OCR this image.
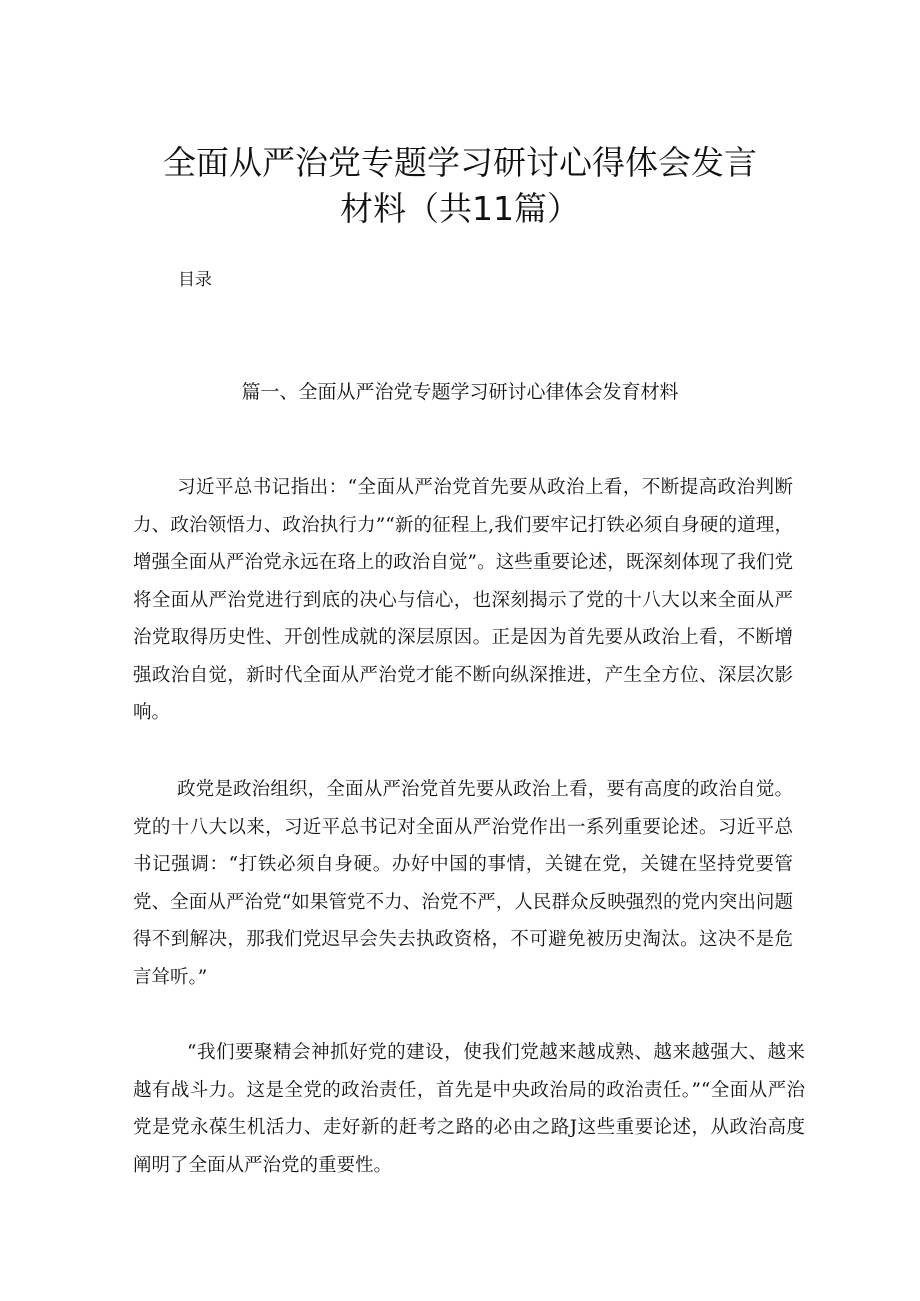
全面从严治党专题学习研讨心得体会发言
材料（共11篇）
目录
篇一、全面从严治党专题学习研讨心律体会发育材料

习近平总书记指出：“全面从严治党首先要从政治上看，不断提高政治判断力、政治领悟力、政治执行力”“新的征程上,我们要牢记打铁必须自身硬的道理，增强全面从严治党永远在珞上的政治自觉”。这些重要论述，既深刻体现了我们党将全面从严治党进行到底的决心与信心，也深刻揭示了党的十八大以来全面从严治党取得历史性、开创性成就的深层原因。正是因为首先要从政治上看，不断增强政治自觉，新时代全面从严治党才能不断向纵深推进，产生全方位、深层次影响。

政党是政治组织，全面从严治党首先要从政治上看，要有高度的政治自觉。党的十八大以来，习近平总书记对全面从严治党作出一系列重要论述。习近平总书记强调：“打铁必须自身硬。办好中国的事情，关键在党，关键在坚持党要管党、全面从严治党“如果管党不力、治党不严，人民群众反映强烈的党内突出问题得不到解决，那我们党迟早会失去执政资格，不可避免被历史淘汰。这决不是危言耸听。”

“我们要聚精会神抓好党的建设，使我们党越来越成熟、越来越强大、越来越有战斗力。这是全党的政治责任，首先是中央政治局的政治责任。”“全面从严治党是党永葆生机活力、走好新的赶考之路的必由之路J这些重要论述，从政治高度阐明了全面从严治党的重要性。
